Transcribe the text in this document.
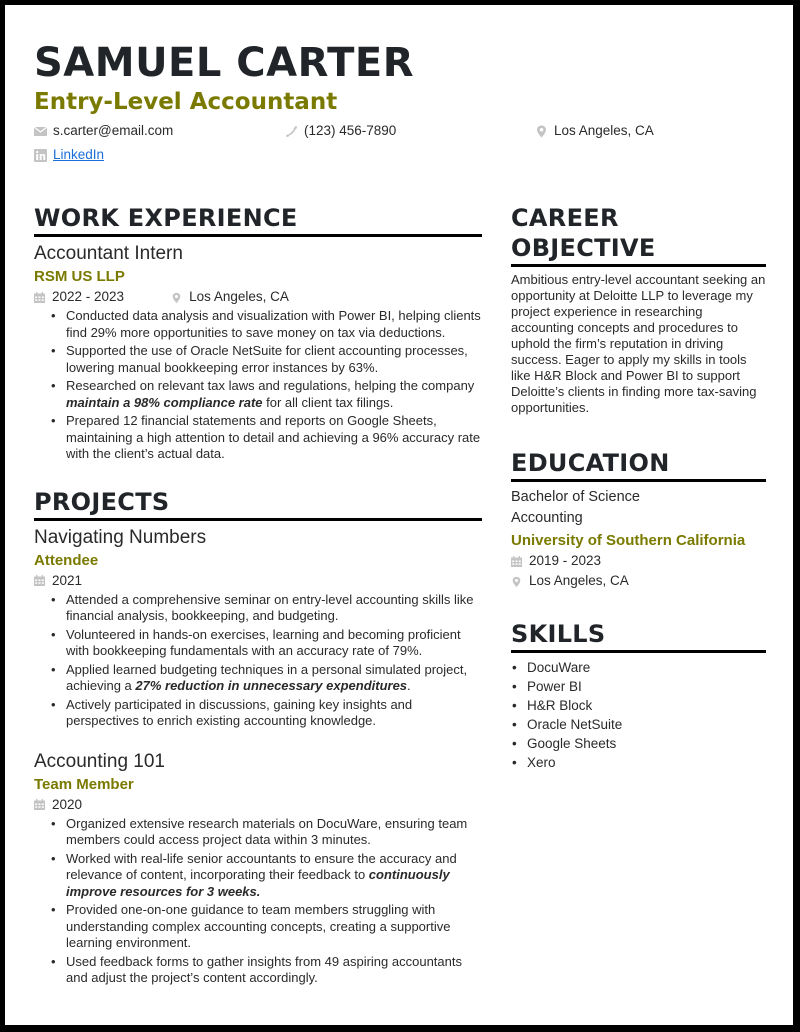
SAMUEL CARTER
Entry-Level Accountant
s.carter@email.com	(123) 456-7890	Los Angeles, CA
LinkedIn
WORK EXPERIENCE
Accountant Intern
RSM US LLP
2022 - 2023	Los Angeles, CA
• Conducted data analysis and visualization with Power BI, helping clients find 29% more opportunities to save money on tax via deductions.
• Supported the use of Oracle NetSuite for client accounting processes, lowering manual bookkeeping error instances by 63%.
• Researched on relevant tax laws and regulations, helping the company maintain a 98% compliance rate for all client tax filings.
• Prepared 12 financial statements and reports on Google Sheets, maintaining a high attention to detail and achieving a 96% accuracy rate with the client’s actual data.
PROJECTS
Navigating Numbers
Attendee
2021
• Attended a comprehensive seminar on entry-level accounting skills like financial analysis, bookkeeping, and budgeting.
• Volunteered in hands-on exercises, learning and becoming proficient with bookkeeping fundamentals with an accuracy rate of 79%.
• Applied learned budgeting techniques in a personal simulated project, achieving a 27% reduction in unnecessary expenditures.
• Actively participated in discussions, gaining key insights and perspectives to enrich existing accounting knowledge.
Accounting 101
Team Member
2020
• Organized extensive research materials on DocuWare, ensuring team members could access project data within 3 minutes.
• Worked with real-life senior accountants to ensure the accuracy and relevance of content, incorporating their feedback to continuously improve resources for 3 weeks.
• Provided one-on-one guidance to team members struggling with understanding complex accounting concepts, creating a supportive learning environment.
• Used feedback forms to gather insights from 49 aspiring accountants and adjust the project’s content accordingly.
CAREER OBJECTIVE

Ambitious entry-level accountant seeking an opportunity at Deloitte LLP to leverage my project experience in researching accounting concepts and procedures to uphold the firm’s reputation in driving success. Eager to apply my skills in tools like H&R Block and Power BI to support Deloitte’s clients in finding more tax-saving opportunities.

EDUCATION
Bachelor of Science
Accounting
University of Southern California
2019 - 2023
Los Angeles, CA
SKILLS
• DocuWare
• Power BI
• H&R Block
• Oracle NetSuite
• Google Sheets
• Xero
